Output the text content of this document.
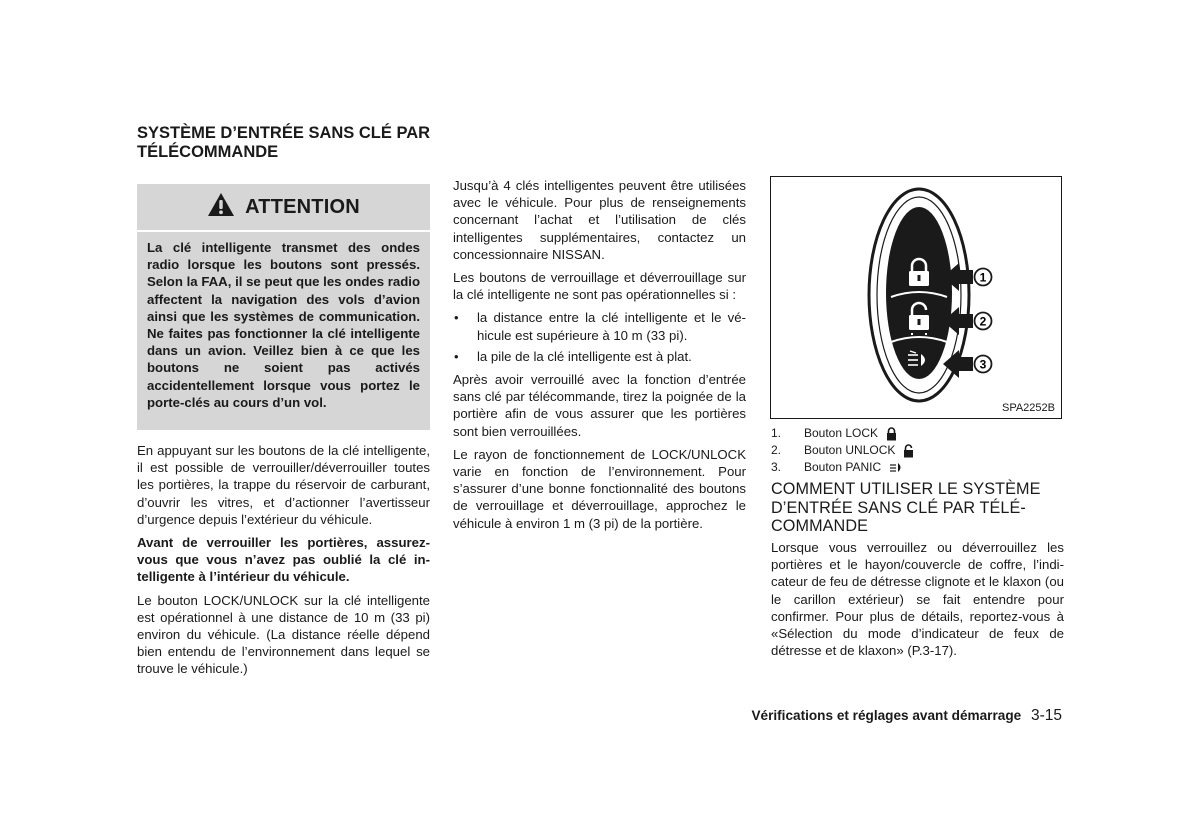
SYSTÈME D’ENTRÉE SANS CLÉ PAR TÉLÉCOMMANDE
ATTENTION
La clé intelligente transmet des ondes radio lorsque les boutons sont pressés. Selon la FAA, il se peut que les ondes radio affectent la navigation des vols d’avion ainsi que les systèmes de communication. Ne faites pas fonctionner la clé intelligente dans un avion. Veillez bien à ce que les boutons ne soient pas activés accidentellement lorsque vous portez le porte-clés au cours d’un vol.

En appuyant sur les boutons de la clé intelligente, il est possible de verrouiller/déverrouiller toutes les portières, la trappe du réservoir de carburant, d’ouvrir les vitres, et d’actionner l’avertisseur d’urgence depuis l’extérieur du véhicule.

Avant de verrouiller les portières, assurez-vous que vous n’avez pas oublié la clé intelligente à l’intérieur du véhicule.

Le bouton LOCK/UNLOCK sur la clé intelligente est opérationnel à une distance de 10 m (33 pi) environ du véhicule. (La distance réelle dépend bien entendu de l’environnement dans lequel se trouve le véhicule.)

Jusqu’à 4 clés intelligentes peuvent être utilisées avec le véhicule. Pour plus de renseignements concernant l’achat et l’utilisation de clés intelligentes supplémentaires, contactez un concessionnaire NISSAN.

Les boutons de verrouillage et déverrouillage sur la clé intelligente ne sont pas opérationnelles si :

• la distance entre la clé intelligente et le véhicule est supérieure à 10 m (33 pi).
• la pile de la clé intelligente est à plat.

Après avoir verrouillé avec la fonction d’entrée sans clé par télécommande, tirez la poignée de la portière afin de vous assurer que les portières sont bien verrouillées.

Le rayon de fonctionnement de LOCK/UNLOCK varie en fonction de l’environnement. Pour s’assurer d’une bonne fonctionnalité des boutons de verrouillage et déverrouillage, approchez le véhicule à environ 1 m (3 pi) de la portière.

1
2
3
SPA2252B
1.	Bouton LOCK
2.	Bouton UNLOCK
3.	Bouton PANIC
COMMENT UTILISER LE SYSTÈME D’ENTRÉE SANS CLÉ PAR TÉLÉCOMMANDE

Lorsque vous verrouillez ou déverrouillez les portières et le hayon/couvercle de coffre, l’indicateur de feu de détresse clignote et le klaxon (ou le carillon extérieur) se fait entendre pour confirmer. Pour plus de détails, reportez-vous à «Sélection du mode d’indicateur de feux de détresse et de klaxon» (P.3-17).

Vérifications et réglages avant démarrage 3-15
